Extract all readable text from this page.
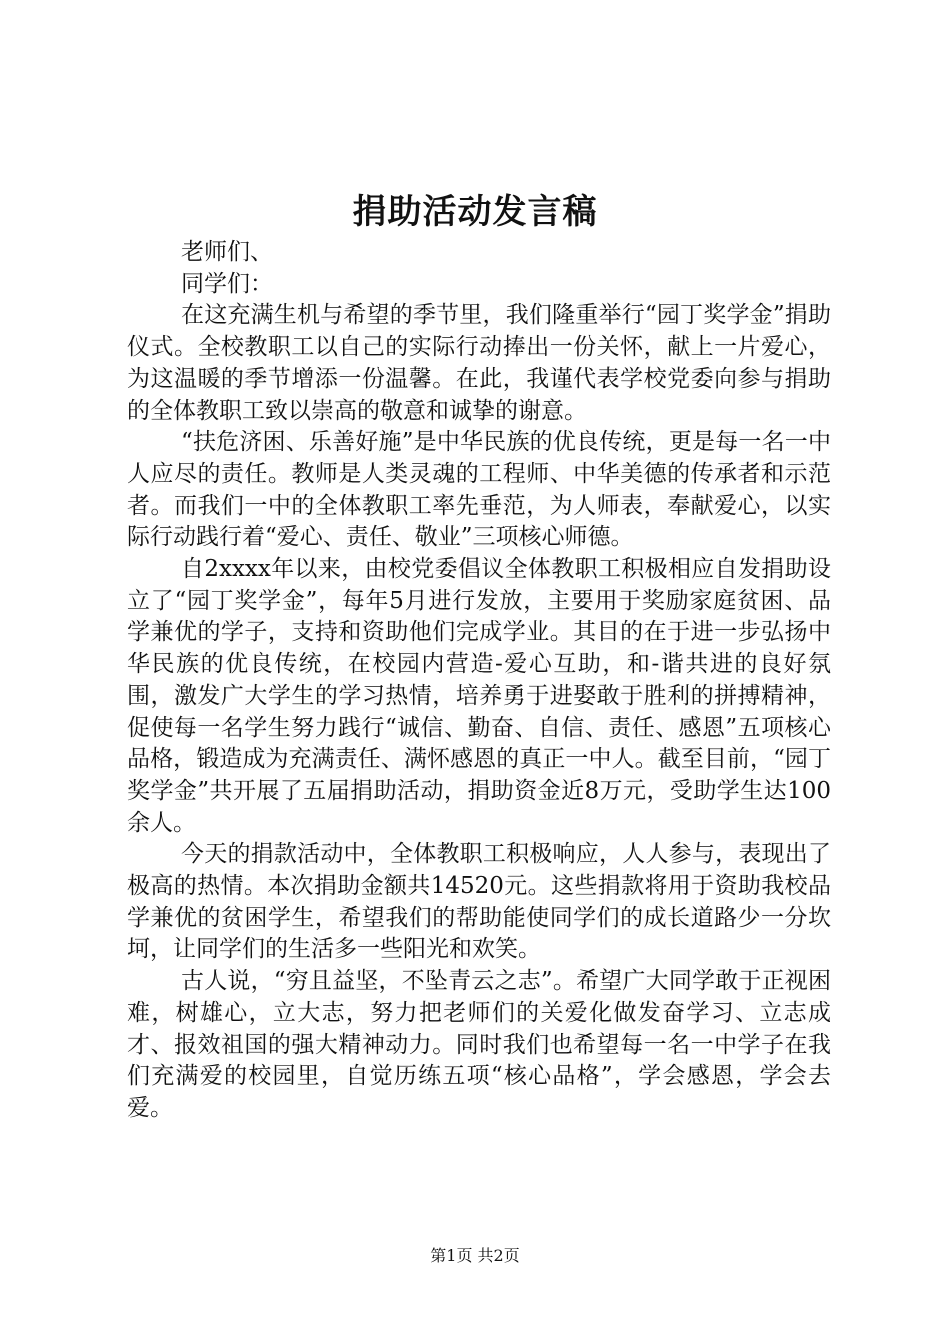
捐助活动发言稿

老师们、

同学们：

在这充满生机与希望的季节里，我们隆重举行“园丁奖学金”捐助仪式。全校教职工以自己的实际行动捧出一份关怀，献上一片爱心，为这温暖的季节增添一份温馨。在此，我谨代表学校党委向参与捐助的全体教职工致以崇高的敬意和诚挚的谢意。

“扶危济困、乐善好施”是中华民族的优良传统，更是每一名一中人应尽的责任。教师是人类灵魂的工程师、中华美德的传承者和示范者。而我们一中的全体教职工率先垂范，为人师表，奉献爱心，以实际行动践行着“爱心、责任、敬业”三项核心师德。

自2xxxx年以来，由校党委倡议全体教职工积极相应自发捐助设立了“园丁奖学金”，每年5月进行发放，主要用于奖励家庭贫困、品学兼优的学子，支持和资助他们完成学业。其目的在于进一步弘扬中华民族的优良传统，在校园内营造-爱心互助，和-谐共进的良好氛围，激发广大学生的学习热情，培养勇于进娶敢于胜利的拼搏精神，促使每一名学生努力践行“诚信、勤奋、自信、责任、感恩”五项核心品格，锻造成为充满责任、满怀感恩的真正一中人。截至目前，“园丁奖学金”共开展了五届捐助活动，捐助资金近8万元，受助学生达100余人。

今天的捐款活动中，全体教职工积极响应，人人参与，表现出了极高的热情。本次捐助金额共14520元。这些捐款将用于资助我校品学兼优的贫困学生，希望我们的帮助能使同学们的成长道路少一分坎坷，让同学们的生活多一些阳光和欢笑。

古人说，“穷且益坚，不坠青云之志”。希望广大同学敢于正视困难，树雄心，立大志，努力把老师们的关爱化做发奋学习、立志成才、报效祖国的强大精神动力。同时我们也希望每一名一中学子在我们充满爱的校园里，自觉历练五项“核心品格”，学会感恩，学会去爱。

第1页 共2页
